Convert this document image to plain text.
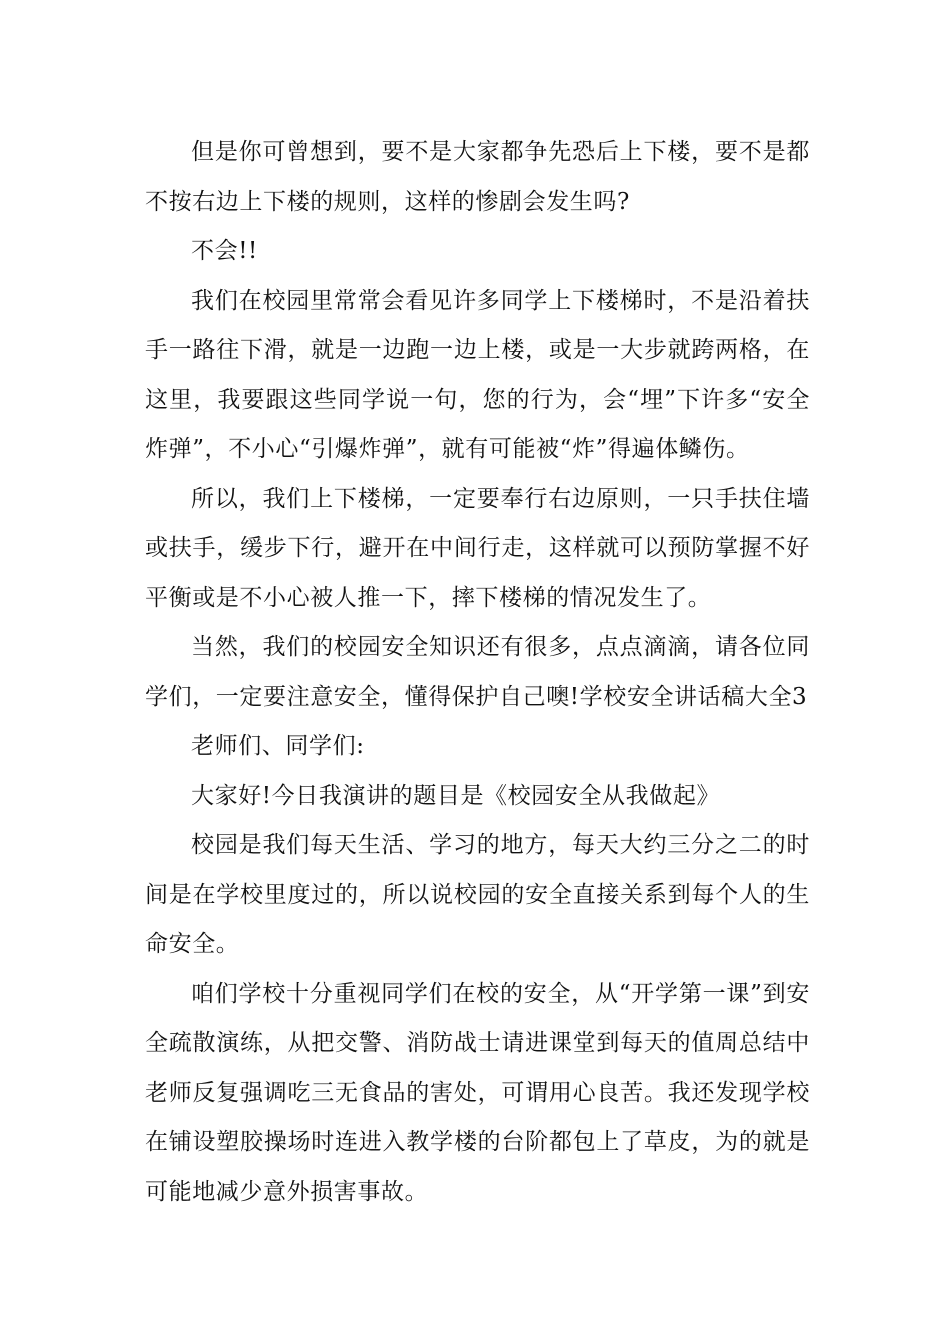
但是你可曾想到，要不是大家都争先恐后上下楼，要不是都不按右边上下楼的规则，这样的惨剧会发生吗?

不会!!

我们在校园里常常会看见许多同学上下楼梯时，不是沿着扶手一路往下滑，就是一边跑一边上楼，或是一大步就跨两格，在这里，我要跟这些同学说一句，您的行为，会“埋”下许多“安全炸弹”，不小心“引爆炸弹”，就有可能被“炸”得遍体鳞伤。

所以，我们上下楼梯，一定要奉行右边原则，一只手扶住墙或扶手，缓步下行，避开在中间行走，这样就可以预防掌握不好平衡或是不小心被人推一下，摔下楼梯的情况发生了。

当然，我们的校园安全知识还有很多，点点滴滴，请各位同学们，一定要注意安全，懂得保护自己噢!学校安全讲话稿大全3

老师们、同学们:

大家好!今日我演讲的题目是《校园安全从我做起》

校园是我们每天生活、学习的地方，每天大约三分之二的时间是在学校里度过的，所以说校园的安全直接关系到每个人的生命安全。

咱们学校十分重视同学们在校的安全，从“开学第一课”到安全疏散演练，从把交警、消防战士请进课堂到每天的值周总结中老师反复强调吃三无食品的害处，可谓用心良苦。我还发现学校在铺设塑胶操场时连进入教学楼的台阶都包上了草皮，为的就是可能地减少意外损害事故。
